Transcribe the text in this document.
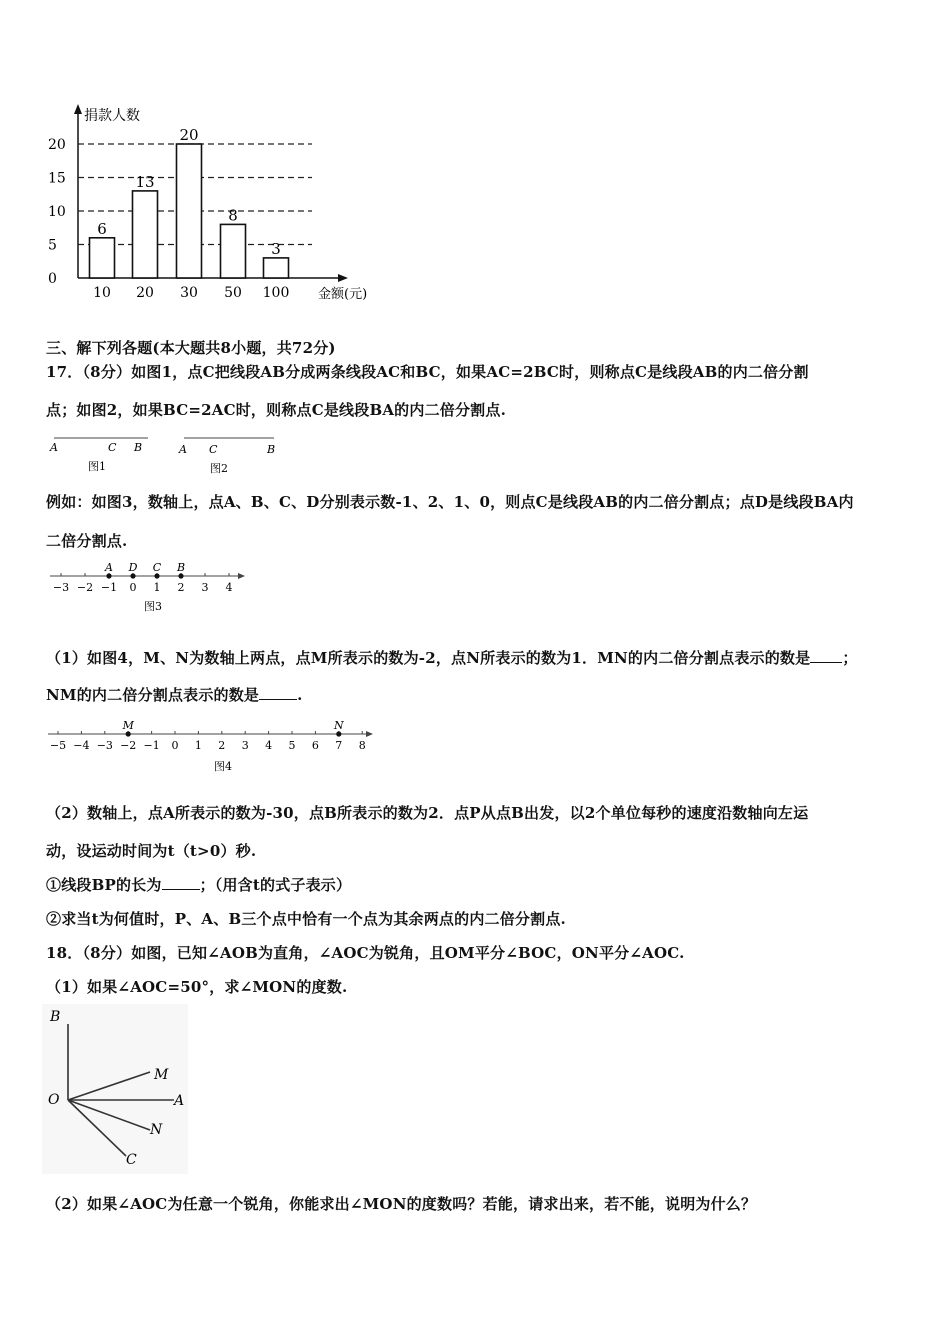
捐款人数
金额(元)
0
5
10
15
20
10 20 30 50 100
6
13
20
8
3
三、解下列各题(本大题共8小题，共72分)
17．（8分）如图1，点C把线段AB分成两条线段AC和BC，如果AC=2BC时，则称点C是线段AB的内二倍分割
点；如图2，如果BC=2AC时，则称点C是线段BA的内二倍分割点.
A	C B
图1
A C	B
图2
例如：如图3，数轴上，点A、B、C、D分别表示数-1、2、1、0，则点C是线段AB的内二倍分割点；点D是线段BA内
二倍分割点.
−3 −2 −1 0 1 2 3 4
A D C B
图3
（1）如图4，M、N为数轴上两点，点M所表示的数为-2，点N所表示的数为1．MN的内二倍分割点表示的数是 ；
NM的内二倍分割点表示的数是	.
−5 −4 −3 −2 −1 0 1 2 3 4 5 6 7 8
M	N
图4
（2）数轴上，点A所表示的数为-30，点B所表示的数为2．点P从点B出发，以2个单位每秒的速度沿数轴向左运
动，设运动时间为t（t>0）秒.
①线段BP的长为	；（用含t的式子表示）
②求当t为何值时，P、A、B三个点中恰有一个点为其余两点的内二倍分割点.
18．（8分）如图，已知∠AOB为直角，∠AOC为锐角，且OM平分∠BOC，ON平分∠AOC.
（1）如果∠AOC=50°，求∠MON的度数.
B
M
O	A
N
C
（2）如果∠AOC为任意一个锐角，你能求出∠MON的度数吗？若能，请求出来，若不能，说明为什么？
